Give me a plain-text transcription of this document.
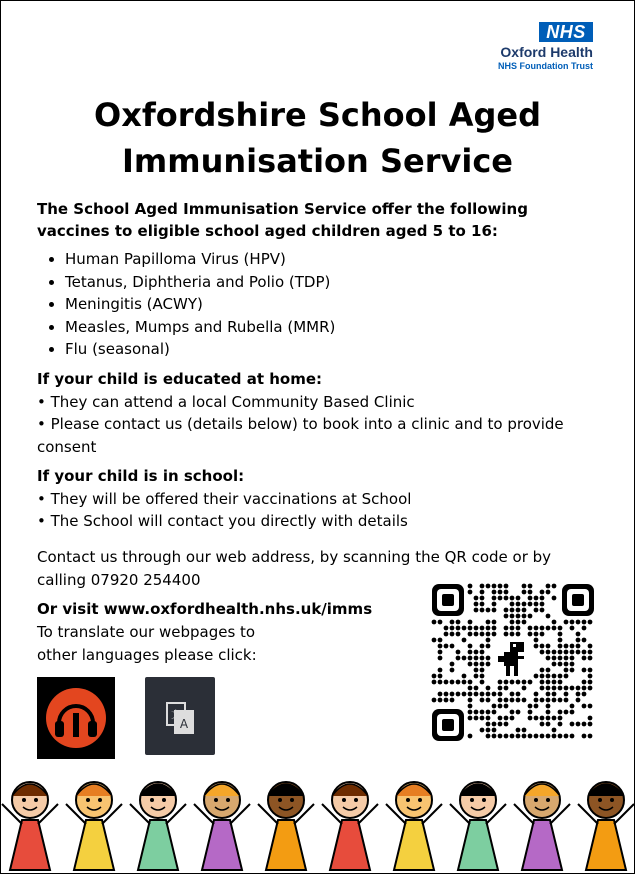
NHS
Oxford Health
NHS Foundation Trust
Oxfordshire School Aged
Immunisation Service

The School Aged Immunisation Service offer the following
vaccines to eligible school aged children aged 5 to 16:

• Human Papilloma Virus (HPV)
• Tetanus, Diphtheria and Polio (TDP)
• Meningitis (ACWY)
• Measles, Mumps and Rubella (MMR)
• Flu (seasonal)
If your child is educated at home:
• They can attend a local Community Based Clinic
• Please contact us (details below) to book into a clinic and to provide
consent
If your child is in school:
• They will be offered their vaccinations at School
• The School will contact you directly with details
Contact us through our web address, by scanning the QR code or by
calling 07920 254400
Or visit www.oxfordhealth.nhs.uk/imms
To translate our webpages to
other languages please click:
A
文
